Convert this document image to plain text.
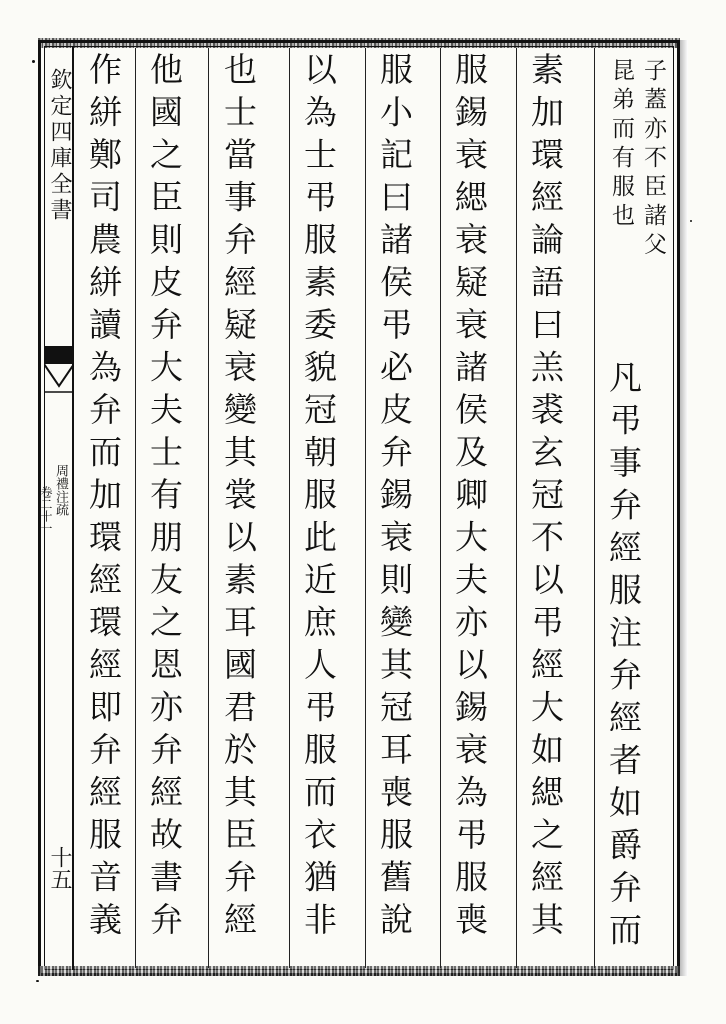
欽定四庫全書
周禮注疏
卷二十一
十五
子蓋亦不臣諸父
昆弟而有服也
凡弔事弁經服注弁經者如爵弁而
素加環經論語曰羔裘玄冠不以弔經大如緦之經其
服錫衰緦衰疑衰諸侯及卿大夫亦以錫衰為弔服喪
服小記曰諸侯弔必皮弁錫衰則變其冠耳喪服舊說
以為士弔服素委貌冠朝服此近庶人弔服而衣猶非
也士當事弁經疑衰變其裳以素耳國君於其臣弁經
他國之臣則皮弁大夫士有朋友之恩亦弁經故書弁
作絣鄭司農絣讀為弁而加環經環經即弁經服音義
